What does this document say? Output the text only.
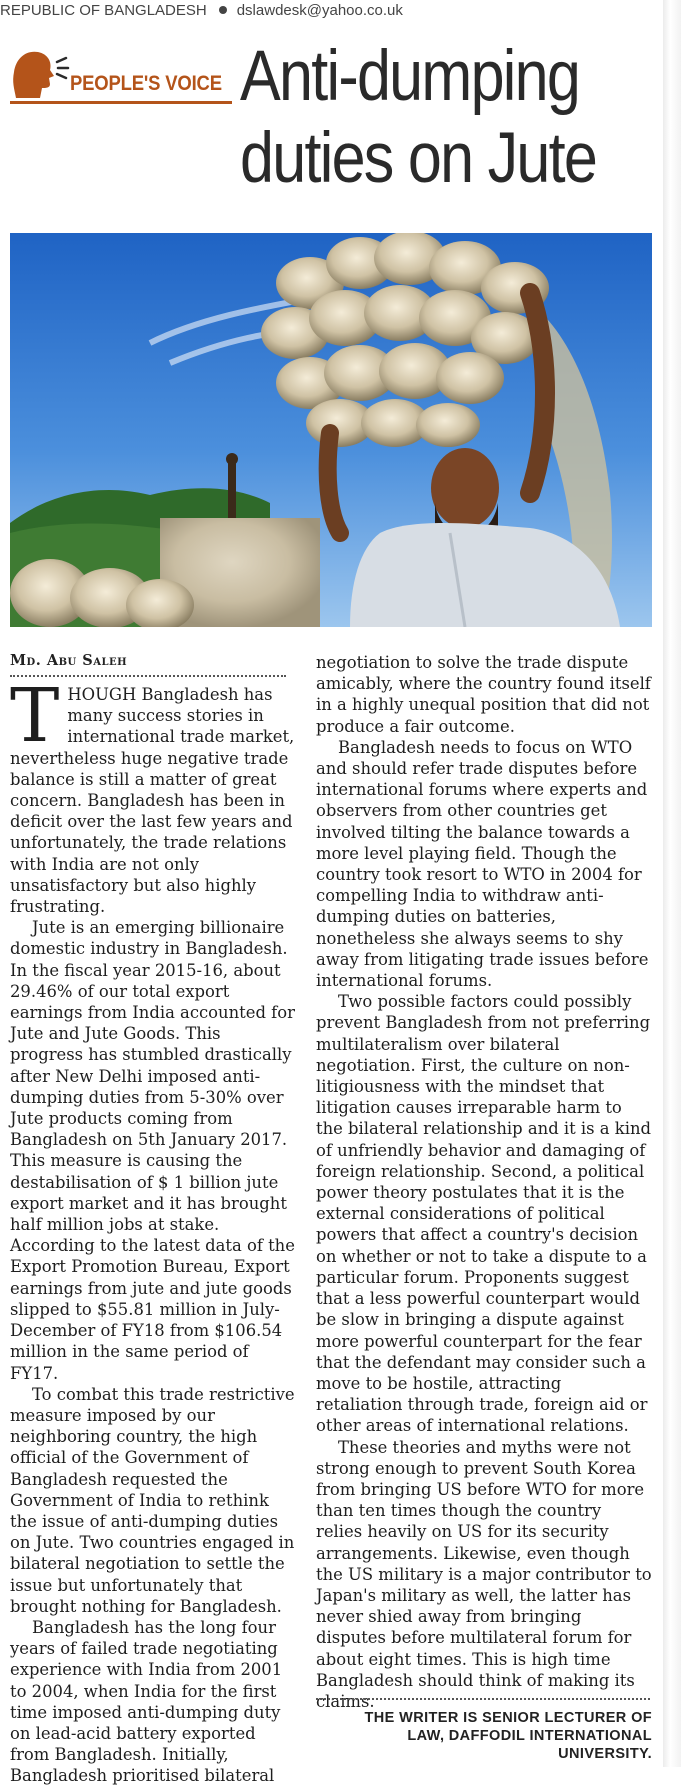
REPUBLIC OF BANGLADESH dslawdesk@yahoo.co.uk
PEOPLE'S VOICE Anti-dumping
duties on Jute
Md. Abu Saleh

THOUGH Bangladesh has many success stories in international trade market, nevertheless huge negative trade balance is still a matter of great concern. Bangladesh has been in deficit over the last few years and unfortunately, the trade relations with India are not only unsatisfactory but also highly frustrating.

Jute is an emerging billionaire domestic industry in Bangladesh. In the fiscal year 2015-16, about 29.46% of our total export earnings from India accounted for Jute and Jute Goods. This progress has stumbled drastically after New Delhi imposed anti-dumping duties from 5-30% over Jute products coming from Bangladesh on 5th January 2017. This measure is causing the destabilisation of $ 1 billion jute export market and it has brought half million jobs at stake. According to the latest data of the Export Promotion Bureau, Export earnings from jute and jute goods slipped to $55.81 million in July-December of FY18 from $106.54 million in the same period of FY17.

To combat this trade restrictive measure imposed by our neighboring country, the high official of the Government of Bangladesh requested the Government of India to rethink the issue of anti-dumping duties on Jute. Two countries engaged in bilateral negotiation to settle the issue but unfortunately that brought nothing for Bangladesh.

Bangladesh has the long four years of failed trade negotiating experience with India from 2001 to 2004, when India for the first time imposed anti-dumping duty on lead-acid battery exported from Bangladesh. Initially, Bangladesh prioritised bilateral

negotiation to solve the trade dispute amicably, where the country found itself in a highly unequal position that did not produce a fair outcome.

Bangladesh needs to focus on WTO and should refer trade disputes before international forums where experts and observers from other countries get involved tilting the balance towards a more level playing field. Though the country took resort to WTO in 2004 for compelling India to withdraw anti-dumping duties on batteries, nonetheless she always seems to shy away from litigating trade issues before international forums.

Two possible factors could possibly prevent Bangladesh from not preferring multilateralism over bilateral negotiation. First, the culture on non-litigiousness with the mindset that litigation causes irreparable harm to the bilateral relationship and it is a kind of unfriendly behavior and damaging of foreign relationship. Second, a political power theory postulates that it is the external considerations of political powers that affect a country's decision on whether or not to take a dispute to a particular forum. Proponents suggest that a less powerful counterpart would be slow in bringing a dispute against more powerful counterpart for the fear that the defendant may consider such a move to be hostile, attracting retaliation through trade, foreign aid or other areas of international relations.

These theories and myths were not strong enough to prevent South Korea from bringing US before WTO for more than ten times though the country relies heavily on US for its security arrangements. Likewise, even though the US military is a major contributor to Japan's military as well, the latter has never shied away from bringing disputes before multilateral forum for about eight times. This is high time Bangladesh should think of making its claims.

THE WRITER IS SENIOR LECTURER OF
LAW, DAFFODIL INTERNATIONAL
UNIVERSITY.
